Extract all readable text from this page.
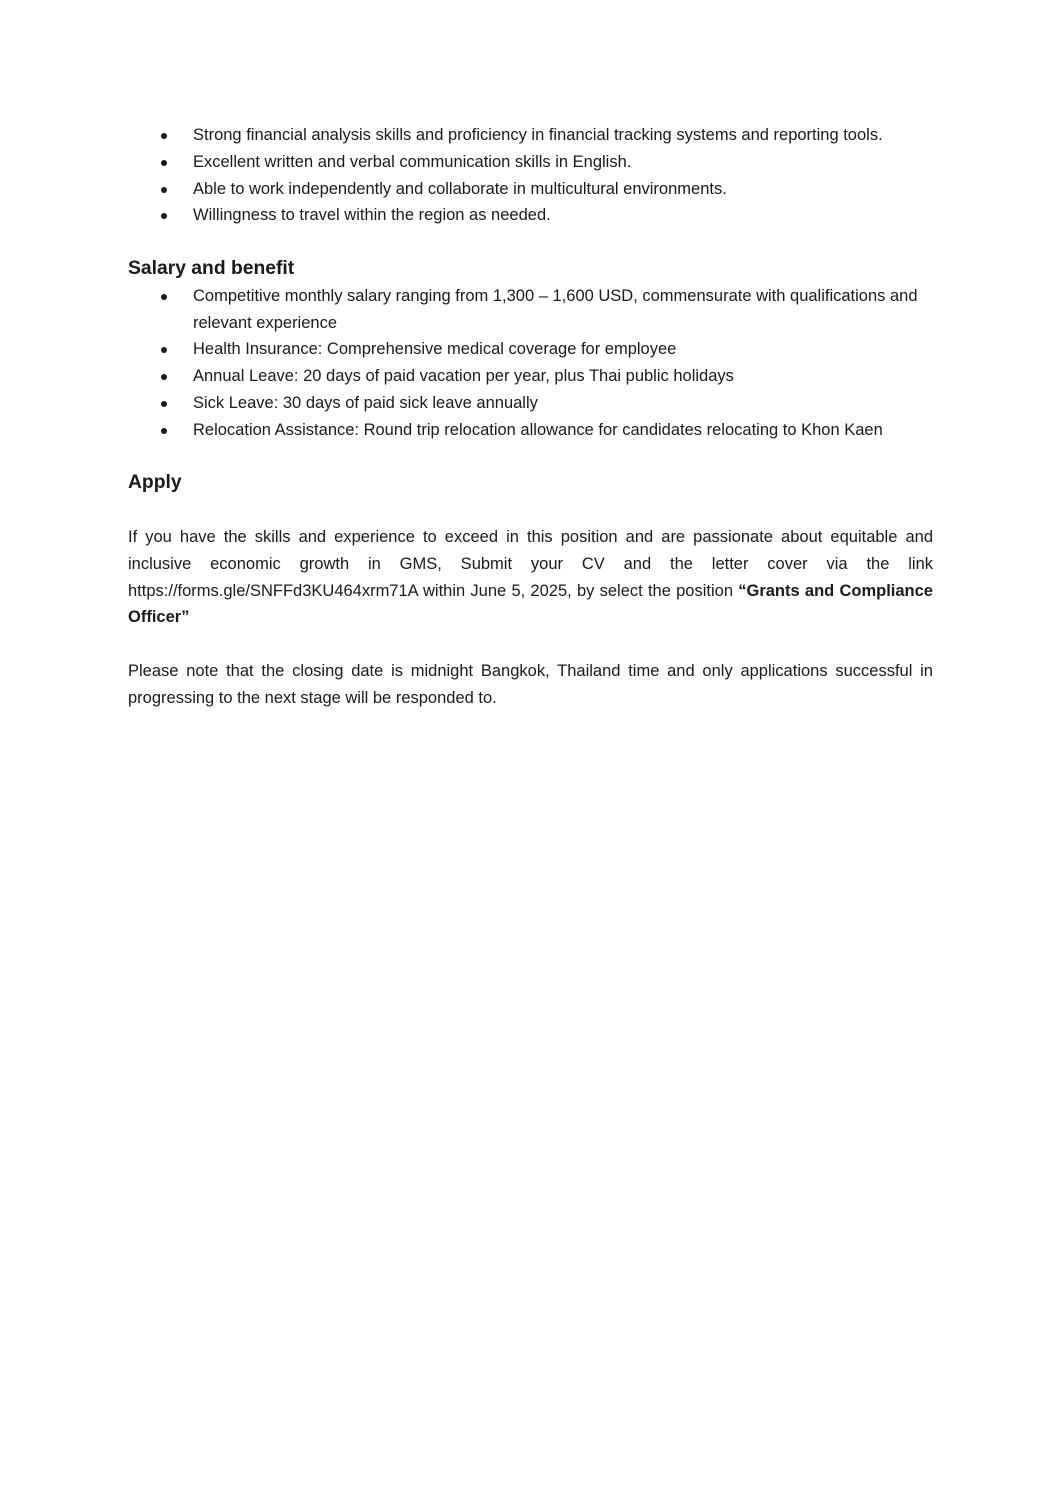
Strong financial analysis skills and proficiency in financial tracking systems and reporting tools.
Excellent written and verbal communication skills in English.
Able to work independently and collaborate in multicultural environments.
Willingness to travel within the region as needed.
Salary and benefit
Competitive monthly salary ranging from 1,300 – 1,600 USD, commensurate with qualifications and relevant experience
Health Insurance: Comprehensive medical coverage for employee
Annual Leave: 20 days of paid vacation per year, plus Thai public holidays
Sick Leave: 30 days of paid sick leave annually
Relocation Assistance: Round trip relocation allowance for candidates relocating to Khon Kaen
Apply

If you have the skills and experience to exceed in this position and are passionate about equitable and inclusive economic growth in GMS, Submit your CV and the letter cover via the link https://forms.gle/SNFFd3KU464xrm71A within June 5, 2025, by select the position “Grants and Compliance Officer”

Please note that the closing date is midnight Bangkok, Thailand time and only applications successful in progressing to the next stage will be responded to.
